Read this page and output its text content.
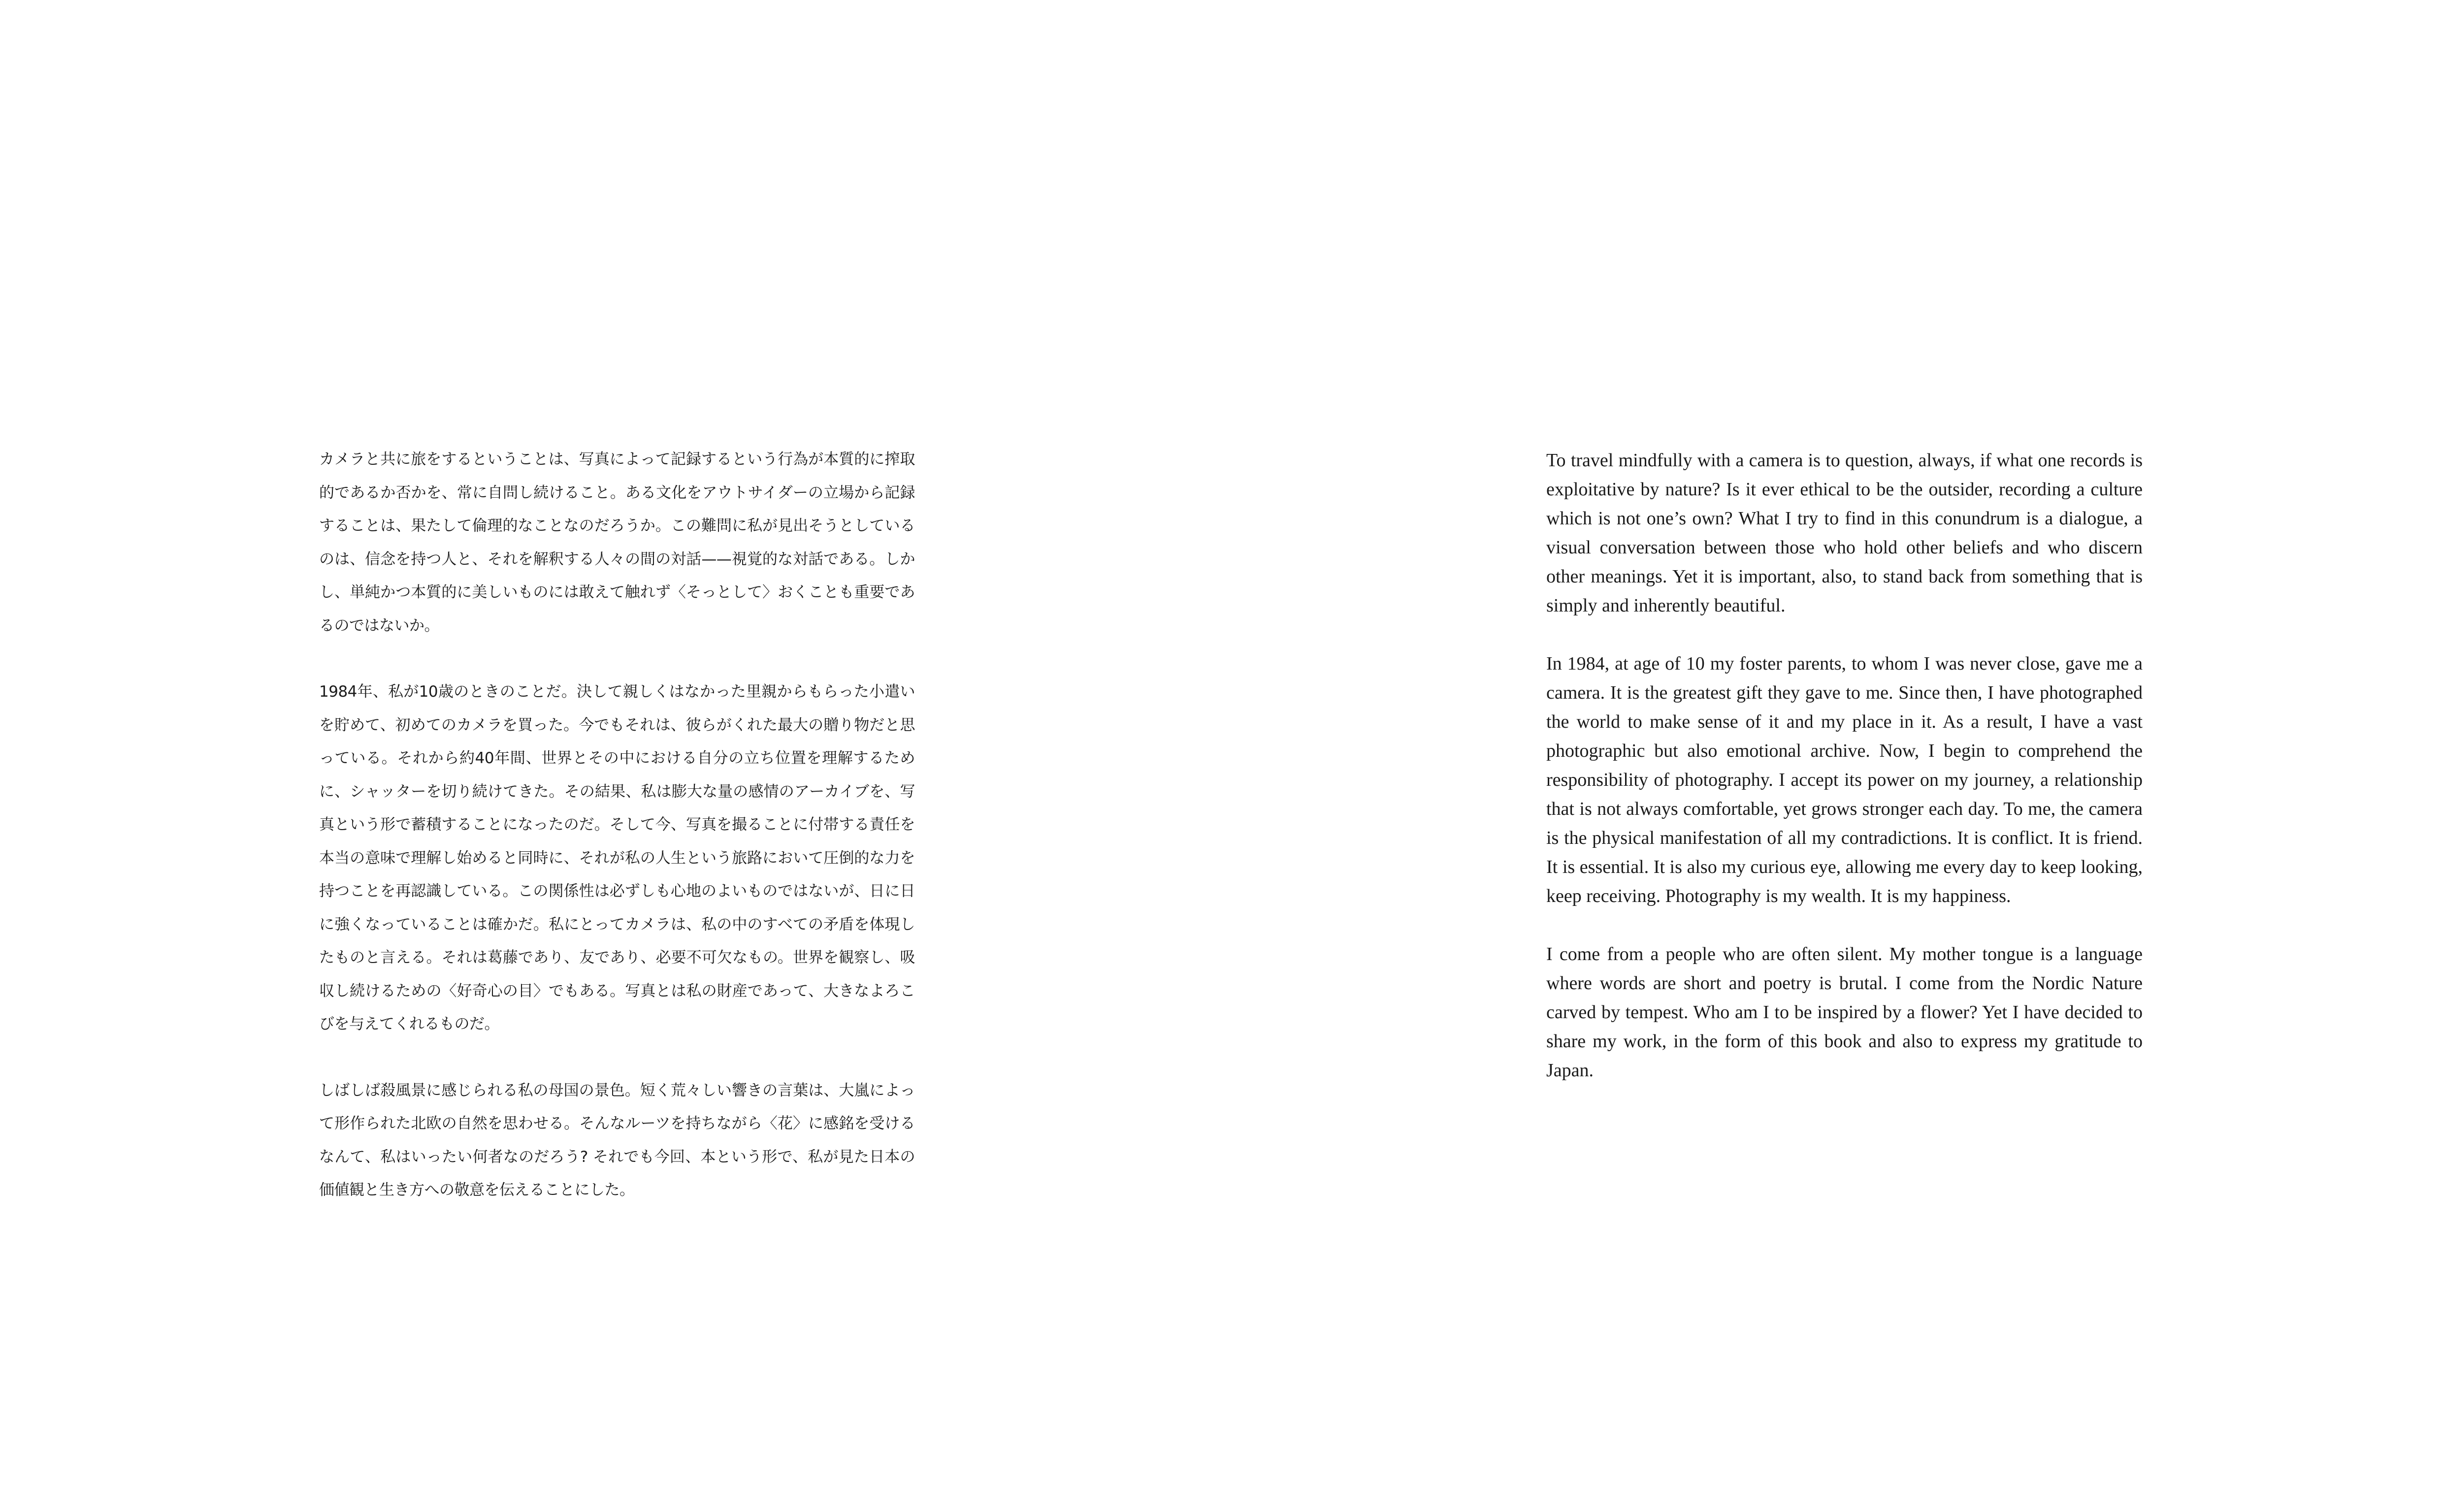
カメラと共に旅をするということは、写真によって記録するという行為が本質的に搾取的であるか否かを、常に自問し続けること。ある文化をアウトサイダーの立場から記録することは、果たして倫理的なことなのだろうか。この難問に私が見出そうとしているのは、信念を持つ人と、それを解釈する人々の間の対話——視覚的な対話である。しかし、単純かつ本質的に美しいものには敢えて触れず〈そっとして〉おくことも重要であるのではないか。

1984年、私が10歳のときのことだ。決して親しくはなかった里親からもらった小遣いを貯めて、初めてのカメラを買った。今でもそれは、彼らがくれた最大の贈り物だと思っている。それから約40年間、世界とその中における自分の立ち位置を理解するために、シャッターを切り続けてきた。その結果、私は膨大な量の感情のアーカイブを、写真という形で蓄積することになったのだ。そして今、写真を撮ることに付帯する責任を本当の意味で理解し始めると同時に、それが私の人生という旅路において圧倒的な力を持つことを再認識している。この関係性は必ずしも心地のよいものではないが、日に日に強くなっていることは確かだ。私にとってカメラは、私の中のすべての矛盾を体現したものと言える。それは葛藤であり、友であり、必要不可欠なもの。世界を観察し、吸収し続けるための〈好奇心の目〉でもある。写真とは私の財産であって、大きなよろこびを与えてくれるものだ。

しばしば殺風景に感じられる私の母国の景色。短く荒々しい響きの言葉は、大嵐によって形作られた北欧の自然を思わせる。そんなルーツを持ちながら〈花〉に感銘を受けるなんて、私はいったい何者なのだろう? それでも今回、本という形で、私が見た日本の価値観と生き方への敬意を伝えることにした。

To travel mindfully with a camera is to question, always, if what one records is exploitative by nature? Is it ever ethical to be the outsider, recording a culture which is not one’s own? What I try to find in this conundrum is a dialogue, a visual conversation between those who hold other beliefs and who discern other meanings. Yet it is important, also, to stand back from something that is simply and inherently beautiful.

In 1984, at age of 10 my foster parents, to whom I was never close, gave me a camera. It is the greatest gift they gave to me. Since then, I have photographed the world to make sense of it and my place in it. As a result, I have a vast photographic but also emotional archive. Now, I begin to comprehend the responsibility of photography. I accept its power on my journey, a relationship that is not always comfortable, yet grows stronger each day. To me, the camera is the physical manifestation of all my contradictions. It is conflict. It is friend. It is essential. It is also my curious eye, allowing me every day to keep looking, keep receiving. Photography is my wealth. It is my happiness.

I come from a people who are often silent. My mother tongue is a language where words are short and poetry is brutal. I come from the Nordic Nature carved by tempest. Who am I to be inspired by a flower? Yet I have decided to share my work, in the form of this book and also to express my gratitude to Japan.
